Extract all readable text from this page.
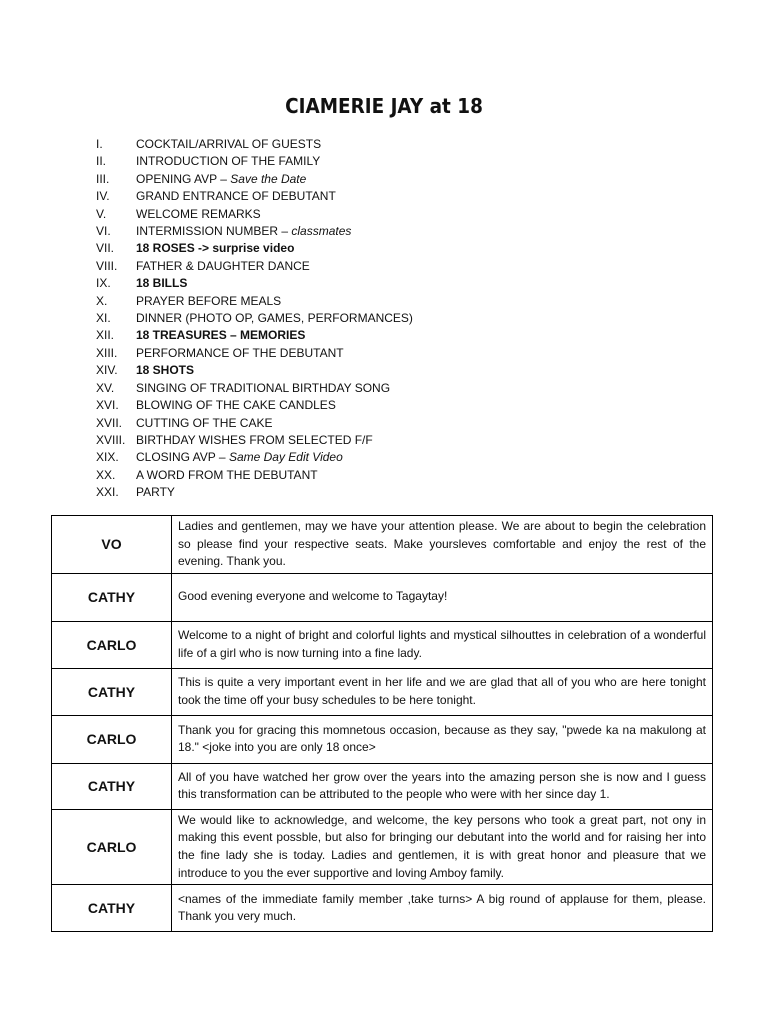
CIAMERIE JAY at 18
I.	COCKTAIL/ARRIVAL OF GUESTS
II.	INTRODUCTION OF THE FAMILY
III.	OPENING AVP – Save the Date
IV.	GRAND ENTRANCE OF DEBUTANT
V.	WELCOME REMARKS
VI.	INTERMISSION NUMBER – classmates
VII.	18 ROSES -> surprise video
VIII.	FATHER & DAUGHTER DANCE
IX.	18 BILLS
X.	PRAYER BEFORE MEALS
XI.	DINNER (PHOTO OP, GAMES, PERFORMANCES)
XII.	18 TREASURES – MEMORIES
XIII.	PERFORMANCE OF THE DEBUTANT
XIV.	18 SHOTS
XV.	SINGING OF TRADITIONAL BIRTHDAY SONG
XVI.	BLOWING OF THE CAKE CANDLES
XVII.	CUTTING OF THE CAKE
XVIII. BIRTHDAY WISHES FROM SELECTED F/F
XIX.	CLOSING AVP – Same Day Edit Video
XX.	A WORD FROM THE DEBUTANT
XXI.	PARTY
VO	Ladies and gentlemen, may we have your attention please. We are about to begin the celebration so please find your respective seats. Make yoursleves comfortable and enjoy the rest of the evening. Thank you.
CATHY	Good evening everyone and welcome to Tagaytay!
CARLO	Welcome to a night of bright and colorful lights and mystical silhouttes in celebration of a wonderful life of a girl who is now turning into a fine lady.
CATHY	This is quite a very important event in her life and we are glad that all of you who are here tonight took the time off your busy schedules to be here tonight.
CARLO	Thank you for gracing this momnetous occasion, because as they say, "pwede ka na makulong at 18." <joke into you are only 18 once>
CATHY	All of you have watched her grow over the years into the amazing person she is now and I guess this transformation can be attributed to the people who were with her since day 1.
CARLO	We would like to acknowledge, and welcome, the key persons who took a great part, not ony in making this event possble, but also for bringing our debutant into the world and for raising her into the fine lady she is today. Ladies and gentlemen, it is with great honor and pleasure that we introduce to you the ever supportive and loving Amboy family.
CATHY	<names of the immediate family member ,take turns> A big round of applause for them, please. Thank you very much.
